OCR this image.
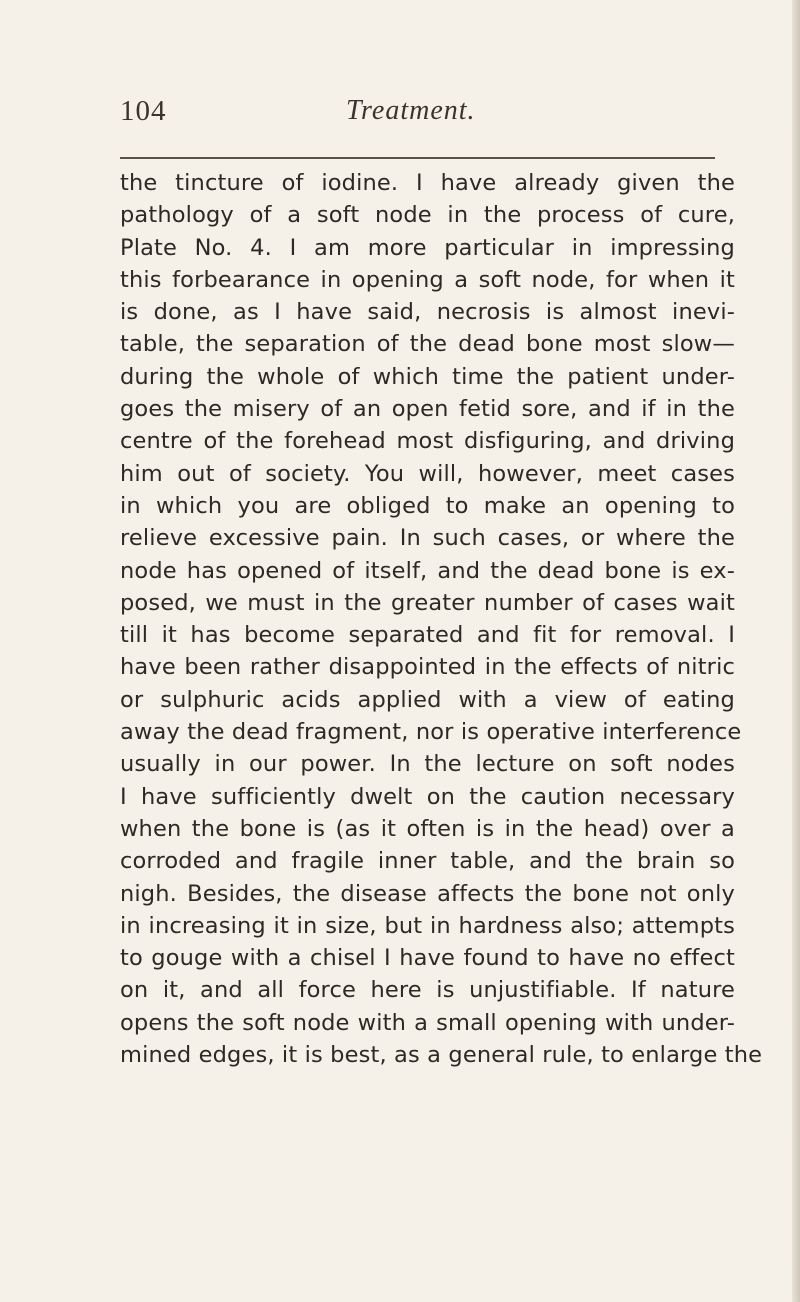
104	Treatment.
the tincture of iodine. I have already given the
pathology of a soft node in the process of cure,
Plate No. 4. I am more particular in impressing
this forbearance in opening a soft node, for when it
is done, as I have said, necrosis is almost inevi-
table, the separation of the dead bone most slow—
during the whole of which time the patient under-
goes the misery of an open fetid sore, and if in the
centre of the forehead most disfiguring, and driving
him out of society. You will, however, meet cases
in which you are obliged to make an opening to
relieve excessive pain. In such cases, or where the
node has opened of itself, and the dead bone is ex-
posed, we must in the greater number of cases wait
till it has become separated and fit for removal. I
have been rather disappointed in the effects of nitric
or sulphuric acids applied with a view of eating
away the dead fragment, nor is operative interference
usually in our power. In the lecture on soft nodes
I have sufficiently dwelt on the caution necessary
when the bone is (as it often is in the head) over a
corroded and fragile inner table, and the brain so
nigh. Besides, the disease affects the bone not only
in increasing it in size, but in hardness also; attempts
to gouge with a chisel I have found to have no effect
on it, and all force here is unjustifiable. If nature
opens the soft node with a small opening with under-
mined edges, it is best, as a general rule, to enlarge the
